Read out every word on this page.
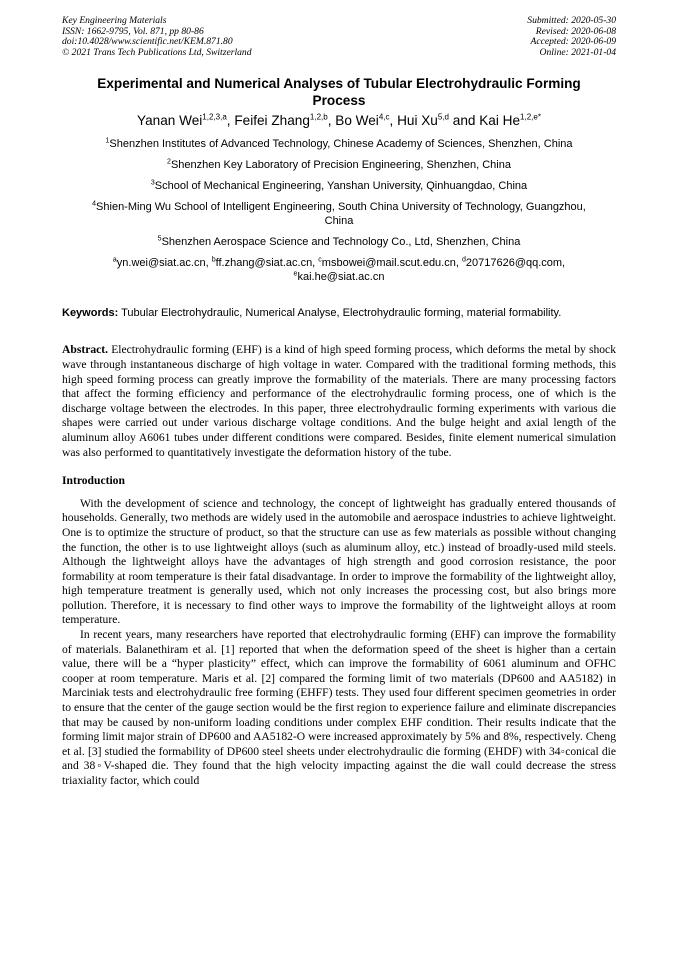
Key Engineering Materials
ISSN: 1662-9795, Vol. 871, pp 80-86
doi:10.4028/www.scientific.net/KEM.871.80
© 2021 Trans Tech Publications Ltd, Switzerland
Submitted: 2020-05-30
Revised: 2020-06-08
Accepted: 2020-06-09
Online: 2021-01-04
Experimental and Numerical Analyses of Tubular Electrohydraulic Forming Process
Yanan Wei$^{1,2,3,a}$, Feifei Zhang$^{1,2,b}$, Bo Wei$^{4,c}$, Hui Xu$^{5,d}$ and Kai $He^{1,2,e*}$
$^1$Shenzhen Institutes of Advanced Technology, Chinese Academy of Sciences, Shenzhen, China
$^2$Shenzhen Key Laboratory of Precision Engineering, Shenzhen, China
$^3$School of Mechanical Engineering, Yanshan University, Qinhuangdao, China
$^4$Shien-Ming Wu School of Intelligent Engineering, South China University of Technology, Guangzhou, China
$^5$Shenzhen Aerospace Science and Technology Co., Ltd, Shenzhen, China
$^a$yn.wei@siat.ac.cn, $^b$ff.zhang@siat.ac.cn, $^c$msbowei@mail.scut.edu.cn, $^d$20717626@qq.com, $^e$kai.he@siat.ac.cn
Keywords: Tubular Electrohydraulic, Numerical Analyse, Electrohydraulic forming, material formability.
Abstract. Electrohydraulic forming (EHF) is a kind of high speed forming process, which deforms the metal by shock wave through instantaneous discharge of high voltage in water. Compared with the traditional forming methods, this high speed forming process can greatly improve the formability of the materials. There are many processing factors that affect the forming efficiency and performance of the electrohydraulic forming process, one of which is the discharge voltage between the electrodes. In this paper, three electrohydraulic forming experiments with various die shapes were carried out under various discharge voltage conditions. And the bulge height and axial length of the aluminum alloy A6061 tubes under different conditions were compared. Besides, finite element numerical simulation was also performed to quantitatively investigate the deformation history of the tube.
Introduction
With the development of science and technology, the concept of lightweight has gradually entered thousands of households. Generally, two methods are widely used in the automobile and aerospace industries to achieve lightweight. One is to optimize the structure of product, so that the structure can use as few materials as possible without changing the function, the other is to use lightweight alloys (such as aluminum alloy, etc.) instead of broadly-used mild steels. Although the lightweight alloys have the advantages of high strength and good corrosion resistance, the poor formability at room temperature is their fatal disadvantage. In order to improve the formability of the lightweight alloy, high temperature treatment is generally used, which not only increases the processing cost, but also brings more pollution. Therefore, it is necessary to find other ways to improve the formability of the lightweight alloys at room temperature.
In recent years, many researchers have reported that electrohydraulic forming (EHF) can improve the formability of materials. Balanethiram et al. [1] reported that when the deformation speed of the sheet is higher than a certain value, there will be a “hyper plasticity” effect, which can improve the formability of 6061 aluminum and OFHC cooper at room temperature. Maris et al. [2] compared the forming limit of two materials (DP600 and AA5182) in Marciniak tests and electrohydraulic free forming (EHFF) tests. They used four different specimen geometries in order to ensure that the center of the gauge section would be the first region to experience failure and eliminate discrepancies that may be caused by non-uniform loading conditions under complex EHF condition. Their results indicate that the forming limit major strain of DP600 and AA5182-O were increased approximately by 5% and 8%, respectively. Cheng et al. [3] studied the formability of DP600 steel sheets under electrohydraulic die forming (EHDF) with 34◦conical die and 38◦V-shaped die. They found that the high velocity impacting against the die wall could decrease the stress triaxiality factor, which could
